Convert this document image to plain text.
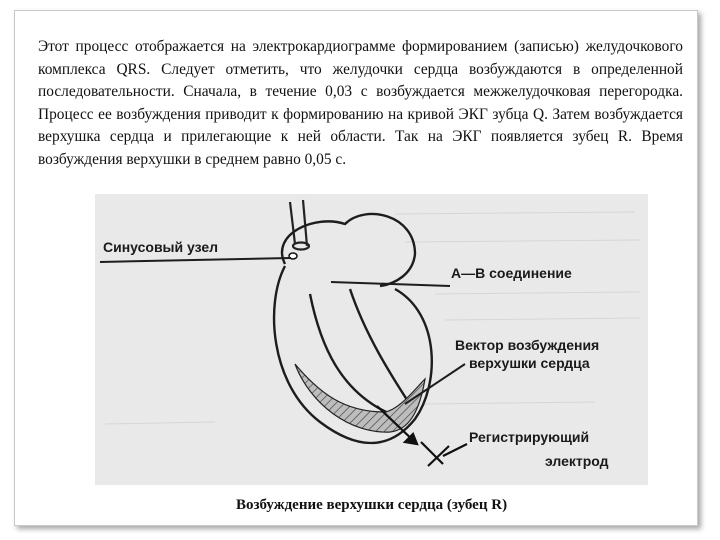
Этот процесс отображается на электрокардиограмме формированием (записью) желудочкового комплекса QRS. Следует отметить, что желудочки сердца возбуждаются в определенной последовательности. Сначала, в течение 0,03 с возбуждается межжелудочковая перегородка. Процесс ее возбуждения приводит к формированию на кривой ЭКГ зубца Q. Затем возбуждается верхушка сердца и прилегающие к ней области. Так на ЭКГ появляется зубец R. Время возбуждения верхушки в среднем равно 0,05 с.

Синусовый узел
А—В соединение
Вектор возбуждения
верхушки сердца
Регистрирующий
электрод

Возбуждение верхушки сердца (зубец R)
